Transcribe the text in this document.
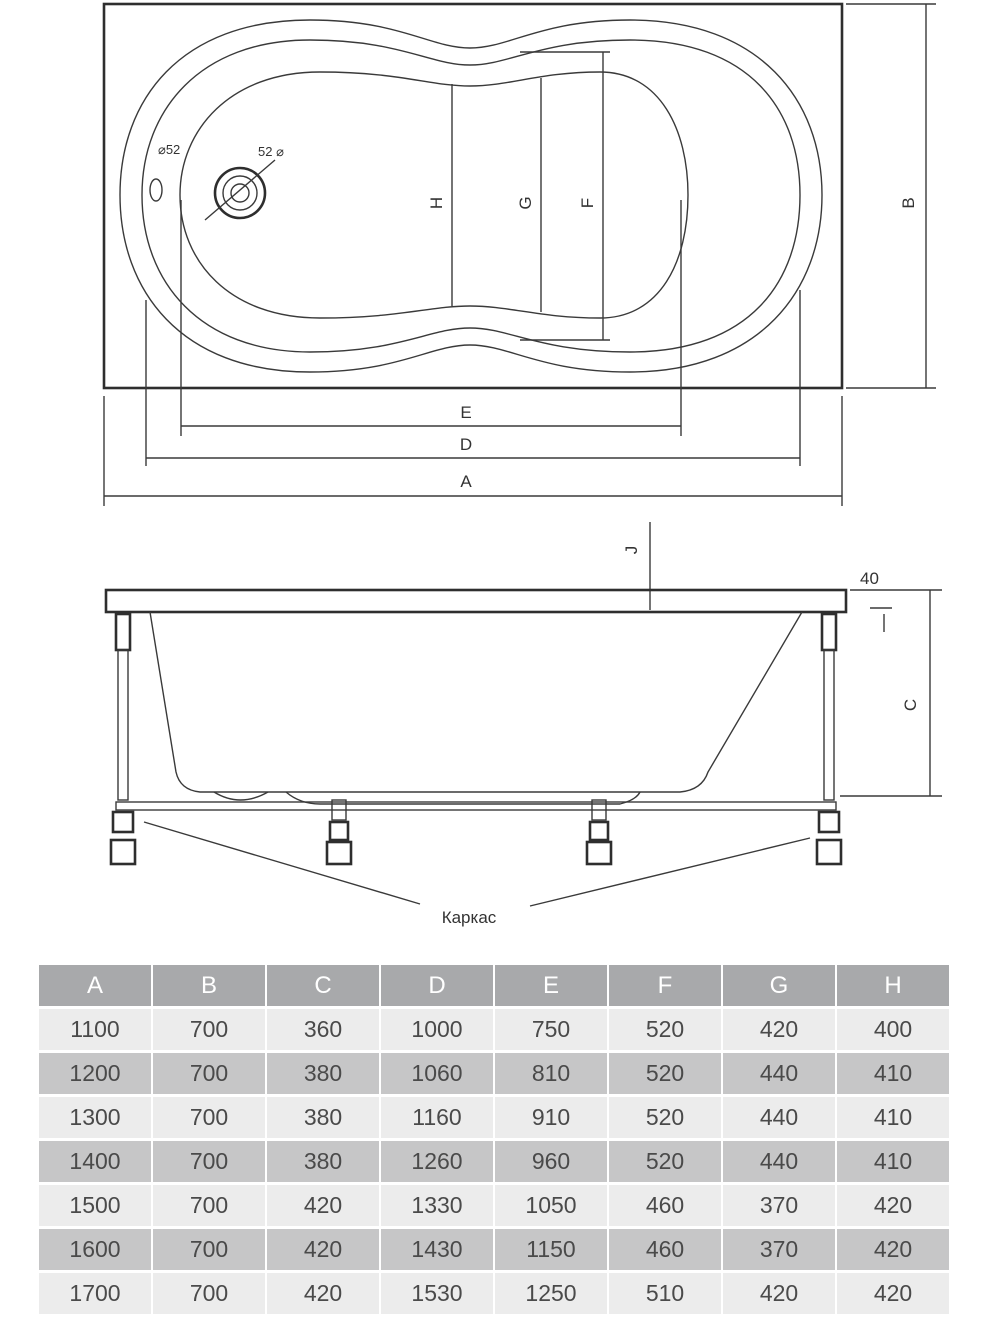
⌀52	52 ⌀
H	G	F	B
E
D
A
J
C
40
Каркас
A	B	C	D	E	F	G	H
1100	700	360	1000	750	520	420	400
1200	700	380	1060	810	520	440	410
1300	700	380	1160	910	520	440	410
1400	700	380	1260	960	520	440	410
1500	700	420	1330	1050	460	370	420
1600	700	420	1430	1150	460	370	420
1700	700	420	1530	1250	510	420	420
